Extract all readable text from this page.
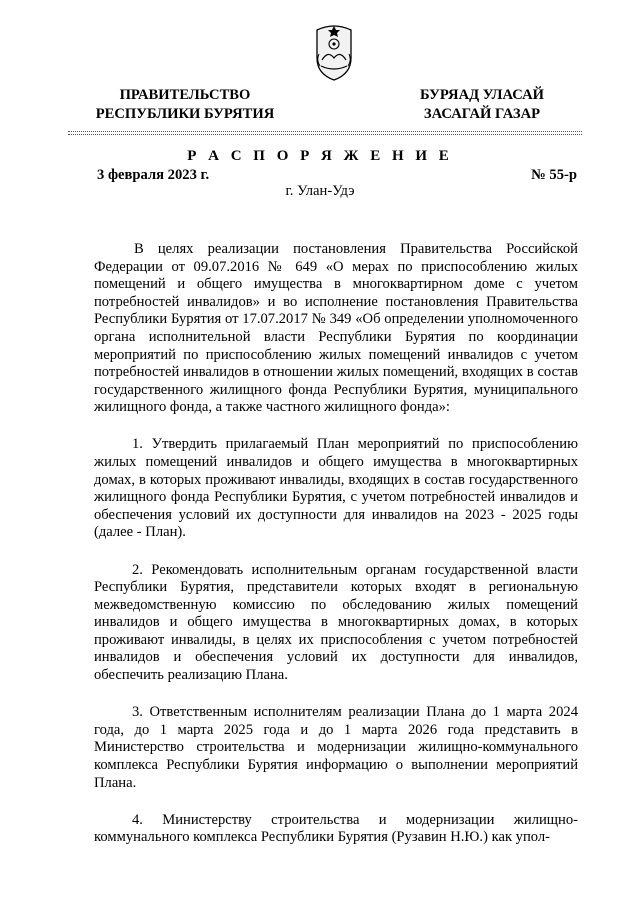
ПРАВИТЕЛЬСТВО
РЕСПУБЛИКИ БУРЯТИЯ
БУРЯАД УЛАСАЙ
ЗАСАГАЙ ГАЗАР
Р А С П О Р Я Ж Е Н И Е
3 февраля 2023 г.	№ 55-р
г. Улан-Удэ

В целях реализации постановления Правительства Российской Федерации от 09.07.2016 № 649 «О мерах по приспособлению жилых помещений и общего имущества в многоквартирном доме с учетом потребностей инвалидов» и во исполнение постановления Правительства Республики Бурятия от 17.07.2017 № 349 «Об определении уполномоченного органа исполнительной власти Республики Бурятия по координации мероприятий по приспособлению жилых помещений инвалидов с учетом потребностей инвалидов в отношении жилых помещений, входящих в состав государственного жилищного фонда Республики Бурятия, муниципального жилищного фонда, а также частного жилищного фонда»:

1. Утвердить прилагаемый План мероприятий по приспособлению жилых помещений инвалидов и общего имущества в многоквартирных домах, в которых проживают инвалиды, входящих в состав государственного жилищного фонда Республики Бурятия, с учетом потребностей инвалидов и обеспечения условий их доступности для инвалидов на 2023 - 2025 годы (далее - План).

2. Рекомендовать исполнительным органам государственной власти Республики Бурятия, представители которых входят в региональную межведомственную комиссию по обследованию жилых помещений инвалидов и общего имущества в многоквартирных домах, в которых проживают инвалиды, в целях их приспособления с учетом потребностей инвалидов и обеспечения условий их доступности для инвалидов, обеспечить реализацию Плана.

3. Ответственным исполнителям реализации Плана до 1 марта 2024 года, до 1 марта 2025 года и до 1 марта 2026 года представить в Министерство строительства и модернизации жилищно-коммунального комплекса Республики Бурятия информацию о выполнении мероприятий Плана.

4. Министерству строительства и модернизации жилищно-коммунального комплекса Республики Бурятия (Рузавин Н.Ю.) как упол-
